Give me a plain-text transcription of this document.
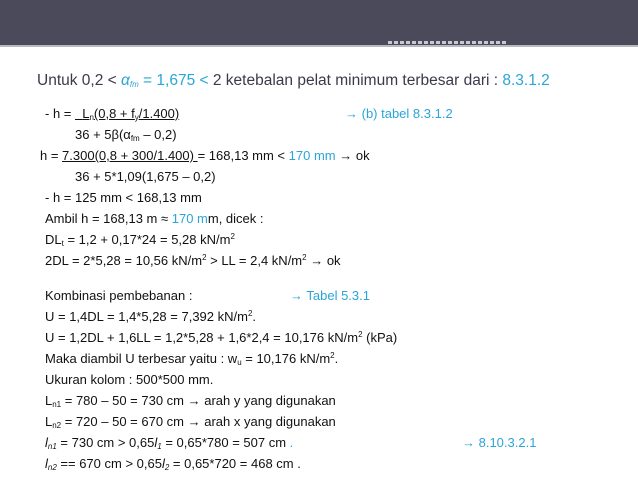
Untuk $0,2 < \alpha_{fm} = 1,675 < 2$ ketebalan pelat minimum terbesar dari : 8.3.1.2
- $h = L_n(0,8 + f_y/1.400)$	→ (b) tabel 8.3.1.2
$36 + 5\beta(\alpha_{fm} - 0,2)$
h = 7.300(0,8 + 300/1.400) = 168,13 mm < 170 mm → ok
36 + 5*1,09(1,675 – 0,2)
- h = 125 mm < 168,13 mm
Ambil h = 168,13 m ≈ 170 mm, dicek :
$DL_t = 1,2 + 0,17*24 = 5,28$ $kN/m^2$
2DL = 2*5,28 = 10,56 $kN/m^2$ > LL = 2,4 $kN/m^2$ → ok
Kombinasi pembebanan :	→ Tabel 5.3.1
U = 1,4DL = 1,4*5,28 = 7,392 $kN/m^2$.
U = 1,2DL + 1,6LL = 1,2*5,28 + 1,6*2,4 = 10,176 $kN/m^2$ (kPa)
Maka diambil U terbesar yaitu : $w_u = 10,176$ $kN/m^2$.
Ukuran kolom : 500*500 mm.
$L_{n1} = 780 - 50 = 730$ cm → arah y yang digunakan
$L_{n2} = 720 - 50 = 670$ cm → arah x yang digunakan
$l_{n1} = 730$ cm > $0,65l_1 = 0,65*780 = 507$ cm .	→ 8.10.3.2.1
$l_{n2} == 670$ cm > $0,65l_2 = 0,65*720 = 468$ cm .
